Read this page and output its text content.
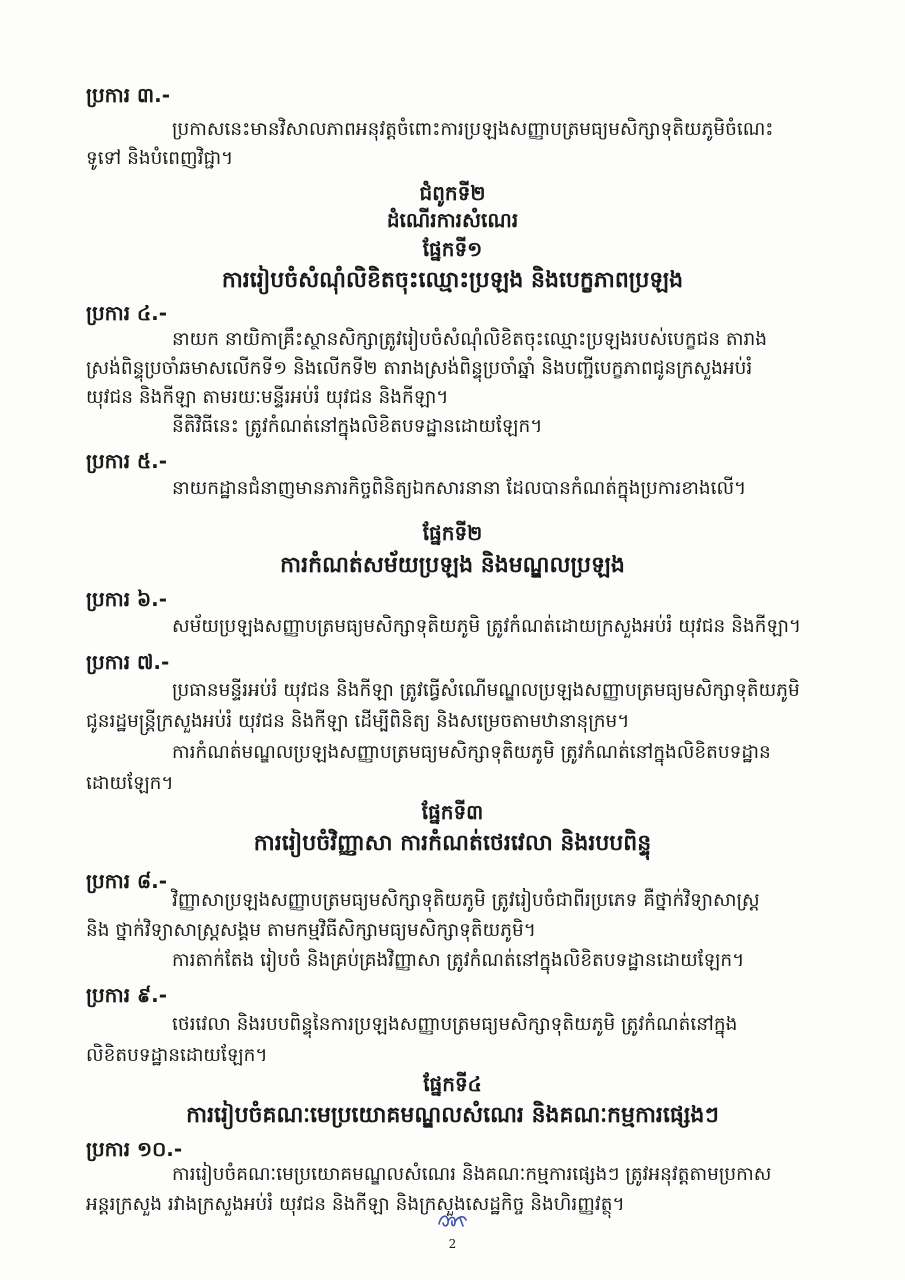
ប្រការ ៣.-
ប្រកាសនេះមានវិសាលភាពអនុវត្តចំពោះការប្រឡងសញ្ញាបត្រមធ្យមសិក្សាទុតិយភូមិចំណេះ
ទូទៅ និងបំពេញវិជ្ជា។
ជំពូកទី២
ដំណើរការសំណេរ
ផ្នែកទី១
ការរៀបចំសំណុំលិខិតចុះឈ្មោះប្រឡង និងបេក្ខភាពប្រឡង
ប្រការ ៤.-
នាយក នាយិកាគ្រឹះស្ថានសិក្សាត្រូវរៀបចំសំណុំលិខិតចុះឈ្មោះប្រឡងរបស់បេក្ខជន តារាង
ស្រង់ពិន្ទុប្រចាំឆមាសលើកទី១ និងលើកទី២ តារាងស្រង់ពិន្ទុប្រចាំឆ្នាំ និងបញ្ជីបេក្ខភាពជូនក្រសួងអប់រំ
យុវជន និងកីឡា តាមរយៈមន្ទីរអប់រំ យុវជន និងកីឡា។
នីតិវិធីនេះ ត្រូវកំណត់នៅក្នុងលិខិតបទដ្ឋានដោយឡែក។
ប្រការ ៥.-
នាយកដ្ឋានជំនាញមានភារកិច្ចពិនិត្យឯកសារនានា ដែលបានកំណត់ក្នុងប្រការខាងលើ។
ផ្នែកទី២
ការកំណត់សម័យប្រឡង និងមណ្ឌលប្រឡង
ប្រការ ៦.-
សម័យប្រឡងសញ្ញាបត្រមធ្យមសិក្សាទុតិយភូមិ ត្រូវកំណត់ដោយក្រសួងអប់រំ យុវជន និងកីឡា។
ប្រការ ៧.-
ប្រធានមន្ទីរអប់រំ យុវជន និងកីឡា ត្រូវធ្វើសំណើមណ្ឌលប្រឡងសញ្ញាបត្រមធ្យមសិក្សាទុតិយភូមិ
ជូនរដ្ឋមន្ត្រីក្រសួងអប់រំ យុវជន និងកីឡា ដើម្បីពិនិត្យ និងសម្រេចតាមឋានានុក្រម។
ការកំណត់មណ្ឌលប្រឡងសញ្ញាបត្រមធ្យមសិក្សាទុតិយភូមិ ត្រូវកំណត់នៅក្នុងលិខិតបទដ្ឋាន
ដោយឡែក។
ផ្នែកទី៣
ការរៀបចំវិញ្ញាសា ការកំណត់ថេរវេលា និងរបបពិន្ទុ
ប្រការ ៨.-
វិញ្ញាសាប្រឡងសញ្ញាបត្រមធ្យមសិក្សាទុតិយភូមិ ត្រូវរៀបចំជាពីរប្រភេទ គឺថ្នាក់វិទ្យាសាស្ត្រ
និង ថ្នាក់វិទ្យាសាស្ត្រសង្គម តាមកម្មវិធីសិក្សាមធ្យមសិក្សាទុតិយភូមិ។
ការតាក់តែង រៀបចំ និងគ្រប់គ្រងវិញ្ញាសា ត្រូវកំណត់នៅក្នុងលិខិតបទដ្ឋានដោយឡែក។
ប្រការ ៩.-
ថេរវេលា និងរបបពិន្ទុនៃការប្រឡងសញ្ញាបត្រមធ្យមសិក្សាទុតិយភូមិ ត្រូវកំណត់នៅក្នុង
លិខិតបទដ្ឋានដោយឡែក។
ផ្នែកទី៤
ការរៀបចំគណៈមេប្រយោគមណ្ឌលសំណេរ និងគណៈកម្មការផ្សេងៗ
ប្រការ ១០.-
ការរៀបចំគណៈមេប្រយោគមណ្ឌលសំណេរ និងគណៈកម្មការផ្សេងៗ ត្រូវអនុវត្តតាមប្រកាស
អន្តរក្រសួង រវាងក្រសួងអប់រំ យុវជន និងកីឡា និងក្រសួងសេដ្ឋកិច្ច និងហិរញ្ញវត្ថុ។
2
